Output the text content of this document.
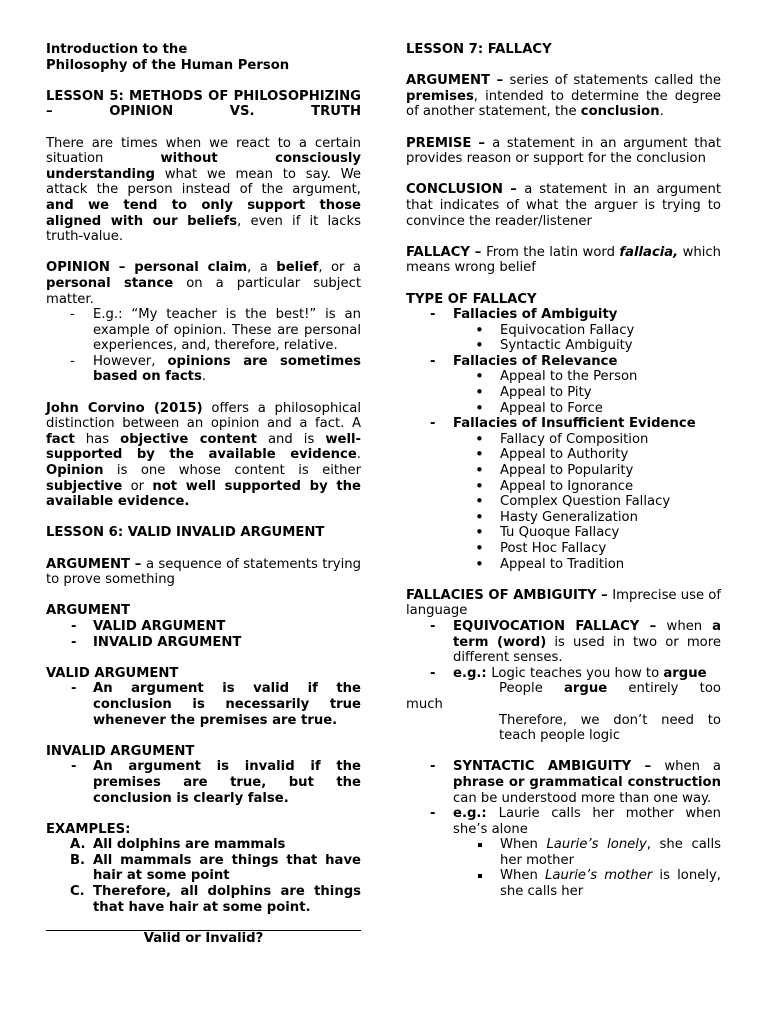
Introduction to the
Philosophy of the Human Person

LESSON 5: METHODS OF PHILOSOPHIZING – OPINION VS. TRUTH

There are times when we react to a certain situation without consciously understanding what we mean to say. We attack the person instead of the argument, and we tend to only support those aligned with our beliefs, even if it lacks truth-value.

OPINION – personal claim, a belief, or a personal stance on a particular subject matter.

- E.g.: “My teacher is the best!” is an example of opinion. These are personal experiences, and, therefore, relative.
- However, opinions are sometimes based on facts.

John Corvino (2015) offers a philosophical distinction between an opinion and a fact. A fact has objective content and is well-supported by the available evidence. Opinion is one whose content is either subjective or not well supported by the available evidence.

LESSON 6: VALID INVALID ARGUMENT

ARGUMENT – a sequence of statements trying to prove something

ARGUMENT

- VALID ARGUMENT
- INVALID ARGUMENT

VALID ARGUMENT

- An argument is valid if the conclusion is necessarily true whenever the premises are true.

INVALID ARGUMENT

- An argument is invalid if the premises are true, but the conclusion is clearly false.

EXAMPLES:

A. All dolphins are mammals
B. All mammals are things that have hair at some point
C. Therefore, all dolphins are things that have hair at some point.

Valid or Invalid?

LESSON 7: FALLACY

ARGUMENT – series of statements called the premises, intended to determine the degree of another statement, the conclusion.

PREMISE – a statement in an argument that provides reason or support for the conclusion

CONCLUSION – a statement in an argument that indicates of what the arguer is trying to convince the reader/listener

FALLACY – From the latin word fallacia, which means wrong belief

TYPE OF FALLACY

- Fallacies of Ambiguity
• Equivocation Fallacy
• Syntactic Ambiguity
- Fallacies of Relevance
• Appeal to the Person
• Appeal to Pity
• Appeal to Force
- Fallacies of Insufficient Evidence
• Fallacy of Composition
• Appeal to Authority
• Appeal to Popularity
• Appeal to Ignorance
• Complex Question Fallacy
• Hasty Generalization
• Tu Quoque Fallacy
• Post Hoc Fallacy
• Appeal to Tradition

FALLACIES OF AMBIGUITY – Imprecise use of language

- EQUIVOCATION FALLACY – when a term (word) is used in two or more different senses.
- e.g.: Logic teaches you how to argue

People argue entirely too

much

Therefore, we don’t need to teach people logic

- SYNTACTIC AMBIGUITY – when a phrase or grammatical construction can be understood more than one way.
- e.g.: Laurie calls her mother when she’s alone
When Laurie’s lonely, she calls her mother
When Laurie’s mother is lonely, she calls her
